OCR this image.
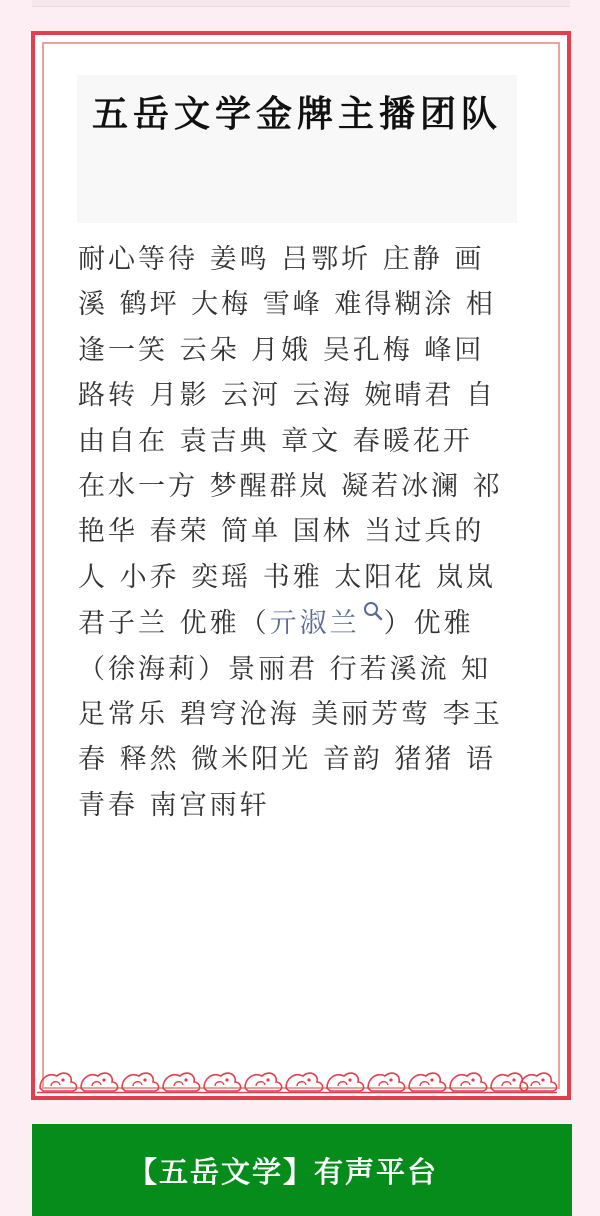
五岳文学金牌主播团队

耐心等待 姜鸣 吕鄂圻 庄静 画溪 鹤坪 大梅 雪峰 难得糊涂 相逢一笑 云朵 月娥 吴孔梅 峰回路转 月影 云河 云海 婉晴君 自由自在 袁吉典 章文 春暖花开 在水一方 梦醒群岚 凝若冰澜 祁艳华 春荣 简单 国林 当过兵的人 小乔 奕瑶 书雅 太阳花 岚岚 君子兰 优雅（亓淑兰 ）优雅（徐海莉）景丽君 行若溪流 知足常乐 碧穹沧海 美丽芳莺 李玉春 释然 微米阳光 音韵 猪猪 语青春 南宫雨轩

【五岳文学】有声平台
